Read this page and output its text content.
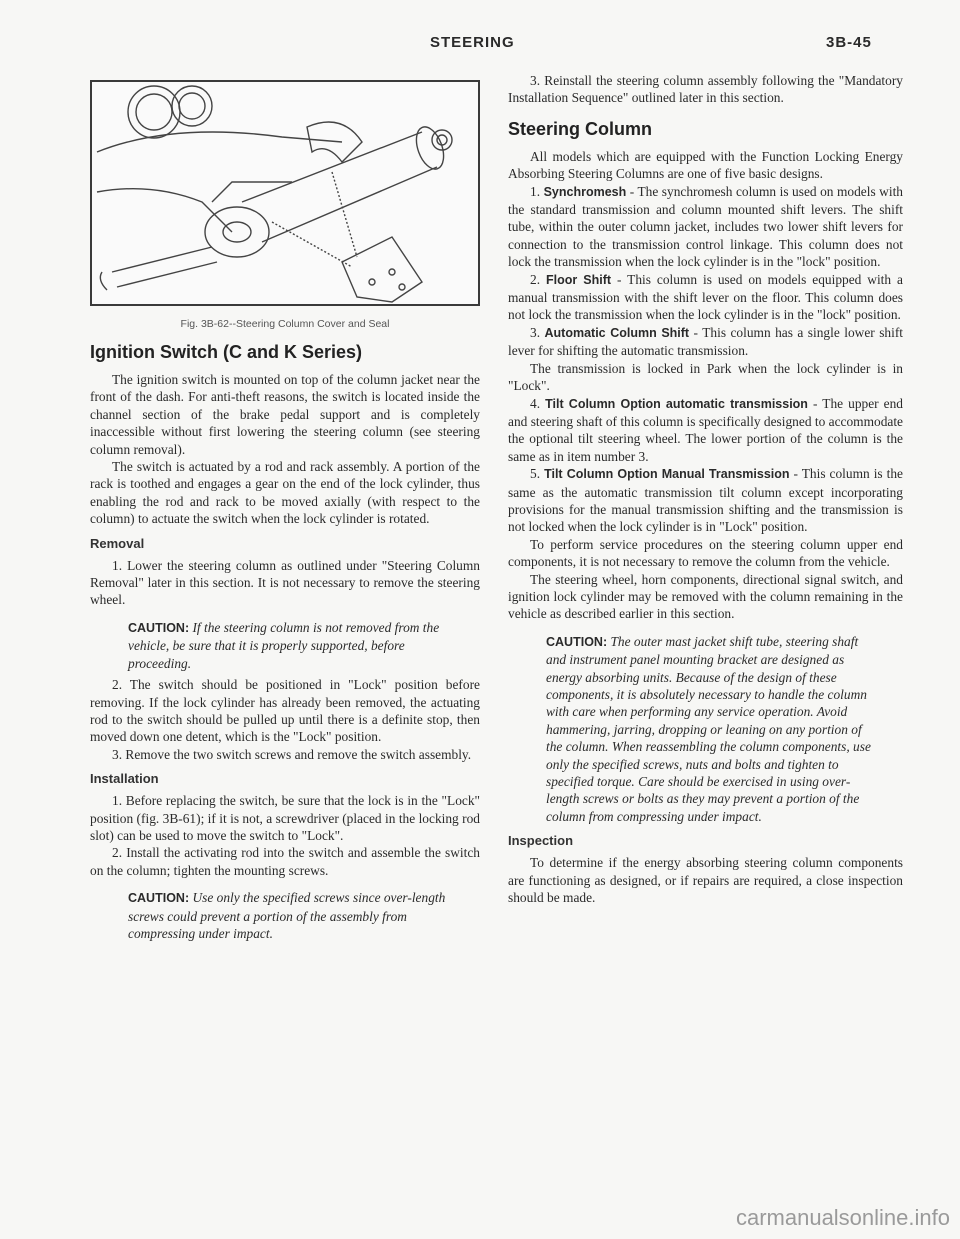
STEERING	3B-45
Fig. 3B-62--Steering Column Cover and Seal
Ignition Switch (C and K Series)

The ignition switch is mounted on top of the column jacket near the front of the dash. For anti-theft reasons, the switch is located inside the channel section of the brake pedal support and is completely inaccessible without first lowering the steering column (see steering column removal).

The switch is actuated by a rod and rack assembly. A portion of the rack is toothed and engages a gear on the end of the lock cylinder, thus enabling the rod and rack to be moved axially (with respect to the column) to actuate the switch when the lock cylinder is rotated.

Removal

1. Lower the steering column as outlined under "Steering Column Removal" later in this section. It is not necessary to remove the steering wheel.

CAUTION: If the steering column is not removed from the vehicle, be sure that it is properly supported, before proceeding.

2. The switch should be positioned in "Lock" position before removing. If the lock cylinder has already been removed, the actuating rod to the switch should be pulled up until there is a definite stop, then moved down one detent, which is the "Lock" position.

3. Remove the two switch screws and remove the switch assembly.

Installation

1. Before replacing the switch, be sure that the lock is in the "Lock" position (fig. 3B-61); if it is not, a screwdriver (placed in the locking rod slot) can be used to move the switch to "Lock".

2. Install the activating rod into the switch and assemble the switch on the column; tighten the mounting screws.

CAUTION: Use only the specified screws since over-length screws could prevent a portion of the assembly from compressing under impact.

3. Reinstall the steering column assembly following the "Mandatory Installation Sequence" outlined later in this section.

Steering Column

All models which are equipped with the Function Locking Energy Absorbing Steering Columns are one of five basic designs.

1. Synchromesh - The synchromesh column is used on models with the standard transmission and column mounted shift levers. The shift tube, within the outer column jacket, includes two lower shift levers for connection to the transmission control linkage. This column does not lock the transmission when the lock cylinder is in the "lock" position.

2. Floor Shift - This column is used on models equipped with a manual transmission with the shift lever on the floor. This column does not lock the transmission when the lock cylinder is in the "lock" position.

3. Automatic Column Shift - This column has a single lower shift lever for shifting the automatic transmission.

The transmission is locked in Park when the lock cylinder is in "Lock".

4. Tilt Column Option automatic transmission - The upper end and steering shaft of this column is specifically designed to accommodate the optional tilt steering wheel. The lower portion of the column is the same as in item number 3.

5. Tilt Column Option Manual Transmission - This column is the same as the automatic transmission tilt column except incorporating provisions for the manual transmission shifting and the transmission is not locked when the lock cylinder is in "Lock" position.

To perform service procedures on the steering column upper end components, it is not necessary to remove the column from the vehicle.

The steering wheel, horn components, directional signal switch, and ignition lock cylinder may be removed with the column remaining in the vehicle as described earlier in this section.

CAUTION: The outer mast jacket shift tube, steering shaft and instrument panel mounting bracket are designed as energy absorbing units. Because of the design of these components, it is absolutely necessary to handle the column with care when performing any service operation. Avoid hammering, jarring, dropping or leaning on any portion of the column. When reassembling the column components, use only the specified screws, nuts and bolts and tighten to specified torque. Care should be exercised in using over-length screws or bolts as they may prevent a portion of the column from compressing under impact.
Inspection

To determine if the energy absorbing steering column components are functioning as designed, or if repairs are required, a close inspection should be made.

carmanualsonline.info
